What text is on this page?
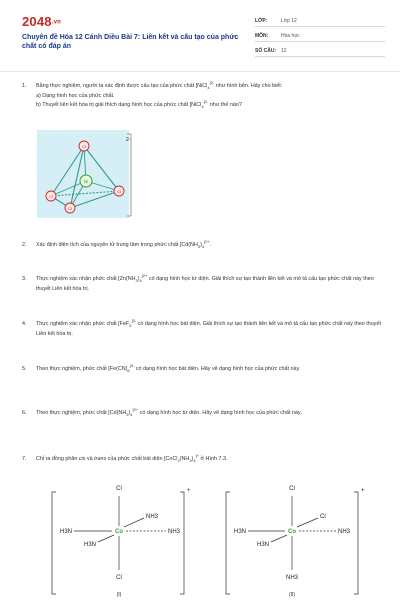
2048.vn
Chuyên đề Hóa 12 Cánh Diều Bài 7: Liên kết và cấu tạo của phức chất có đáp án
LỚP:	Lớp 12
MÔN:	Hóa học
SỐ CÂU: 12
1. Bằng thực nghiệm, người ta xác định được cấu tạo của phức chất [NiCl$_4^{]2-}$ như hình bên. Hãy cho biết:
a) Dạng hình học của phức chất.
b) Thuyết liên kết hóa trị giải thích dạng hình học của phức chất [NiCl$_4^{]2-}$ như thế nào?
2-
Ni
Cl
Cl
Cl
Cl
2. Xác định điện tích của nguyên tử trung tâm trong phức chất [$Cd(NH_3)_4^{]2+}$.
3. Thực nghiệm xác nhận phức chất [$Zn(NH_3)_4^{]2+}$ có dạng hình học tứ diện. Giải thích sự tạo thành liên kết và mô tả cấu tạo phức chất này theo thuyết Liên kết hóa trị.
4. Thực nghiệm xác nhận phức chất [FeF$_6^{]3-}$ có dạng hình học bát diện. Giải thích sự tạo thành liên kết và mô tả cấu tạo phức chất này theo thuyết Liên kết hóa trị.
5. Theo thực nghiệm, phức chất [$Fe(CN)_6^{]3-}$ có dạng hình học bát diện. Hãy vẽ dạng hình học của phức chất này.
6. Theo thực nghiệm, phức chất [$Cd(NH_3)_4^{]2+}$ có dạng hình học tứ diện. Hãy vẽ dạng hình học của phức chất này.
7. Chỉ ra đồng phân cis và trans của phức chất bát diện [$CoCl_2(NH_3)_4^{]+}$ ở Hình 7.3.
+
Cl
Cl
Co
H3N	NH3
NH3
H3N
(I)
+
Cl
Cl
Co
H3N	NH3
H3N
NH3
(II)
